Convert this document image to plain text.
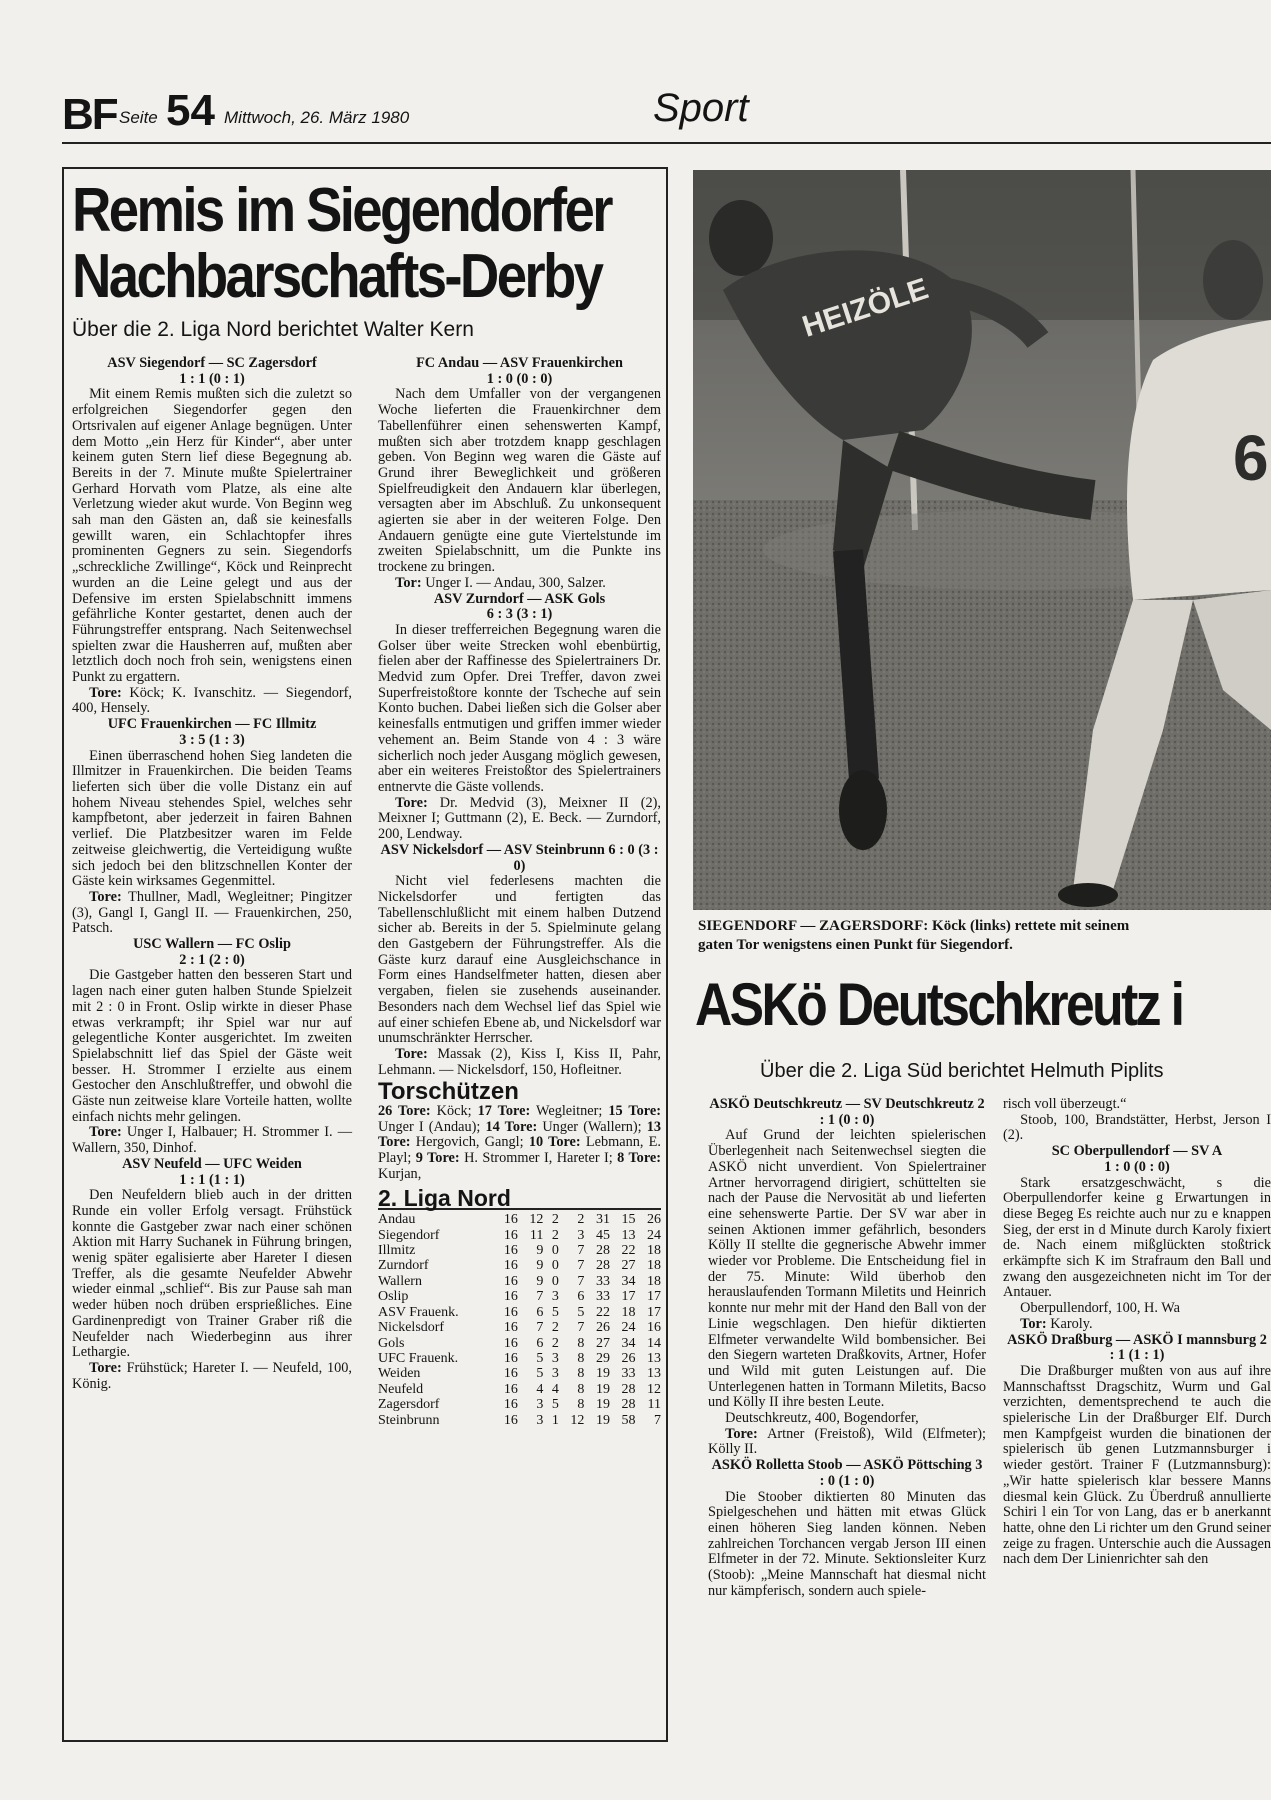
BF Seite 54 Mittwoch, 26. März 1980	Sport
Remis im Siegendorfer
Nachbarschafts-Derby
Über die 2. Liga Nord berichtet Walter Kern

ASV Siegendorf — SC Zagersdorf

1 : 1 (0 : 1)

Mit einem Remis mußten sich die zuletzt so erfolgreichen Siegendorfer gegen den Ortsrivalen auf eigener Anlage begnügen. Unter dem Motto „ein Herz für Kinder“, aber unter keinem guten Stern lief diese Begegnung ab. Bereits in der 7. Minute mußte Spielertrainer Gerhard Horvath vom Platze, als eine alte Verletzung wieder akut wurde. Von Beginn weg sah man den Gästen an, daß sie keinesfalls gewillt waren, ein Schlachtopfer ihres prominenten Gegners zu sein. Siegendorfs „schreckliche Zwillinge“, Köck und Reinprecht wurden an die Leine gelegt und aus der Defensive im ersten Spielabschnitt immens gefährliche Konter gestartet, denen auch der Führungstreffer entsprang. Nach Seitenwechsel spielten zwar die Hausherren auf, mußten aber letztlich doch noch froh sein, wenigstens einen Punkt zu ergattern.

Tore: Köck; K. Ivanschitz. — Siegendorf, 400, Hensely.

UFC Frauenkirchen — FC Illmitz

3 : 5 (1 : 3)

Einen überraschend hohen Sieg landeten die Illmitzer in Frauenkirchen. Die beiden Teams lieferten sich über die volle Distanz ein auf hohem Niveau stehendes Spiel, welches sehr kampfbetont, aber jederzeit in fairen Bahnen verlief. Die Platzbesitzer waren im Felde zeitweise gleichwertig, die Verteidigung wußte sich jedoch bei den blitzschnellen Konter der Gäste kein wirksames Gegenmittel.

Tore: Thullner, Madl, Wegleitner; Pingitzer (3), Gangl I, Gangl II. — Frauenkirchen, 250, Patsch.

USC Wallern — FC Oslip

2 : 1 (2 : 0)

Die Gastgeber hatten den besseren Start und lagen nach einer guten halben Stunde Spielzeit mit 2 : 0 in Front. Oslip wirkte in dieser Phase etwas verkrampft; ihr Spiel war nur auf gelegentliche Konter ausgerichtet. Im zweiten Spielabschnitt lief das Spiel der Gäste weit besser. H. Strommer I erzielte aus einem Gestocher den Anschlußtreffer, und obwohl die Gäste nun zeitweise klare Vorteile hatten, wollte einfach nichts mehr gelingen.

Tore: Unger I, Halbauer; H. Strommer I. — Wallern, 350, Dinhof.

ASV Neufeld — UFC Weiden

1 : 1 (1 : 1)

Den Neufeldern blieb auch in der dritten Runde ein voller Erfolg versagt. Frühstück konnte die Gastgeber zwar nach einer schönen Aktion mit Harry Suchanek in Führung bringen, wenig später egalisierte aber Hareter I diesen Treffer, als die gesamte Neufelder Abwehr wieder einmal „schlief“. Bis zur Pause sah man weder hüben noch drüben ersprießliches. Eine Gardinenpredigt von Trainer Graber riß die Neufelder nach Wiederbeginn aus ihrer Lethargie.

Tore: Frühstück; Hareter I. — Neufeld, 100, König.

FC Andau — ASV Frauenkirchen

1 : 0 (0 : 0)

Nach dem Umfaller von der vergangenen Woche lieferten die Frauenkirchner dem Tabellenführer einen sehenswerten Kampf, mußten sich aber trotzdem knapp geschlagen geben. Von Beginn weg waren die Gäste auf Grund ihrer Beweglichkeit und größeren Spielfreudigkeit den Andauern klar überlegen, versagten aber im Abschluß. Zu unkonsequent agierten sie aber in der weiteren Folge. Den Andauern genügte eine gute Viertelstunde im zweiten Spielabschnitt, um die Punkte ins trockene zu bringen.

Tor: Unger I. — Andau, 300, Salzer.

ASV Zurndorf — ASK Gols

6 : 3 (3 : 1)

In dieser trefferreichen Begegnung waren die Golser über weite Strecken wohl ebenbürtig, fielen aber der Raffinesse des Spielertrainers Dr. Medvid zum Opfer. Drei Treffer, davon zwei Superfreistoßtore konnte der Tscheche auf sein Konto buchen. Dabei ließen sich die Golser aber keinesfalls entmutigen und griffen immer wieder vehement an. Beim Stande von 4 : 3 wäre sicherlich noch jeder Ausgang möglich gewesen, aber ein weiteres Freistoßtor des Spielertrainers entnervte die Gäste vollends.

Tore: Dr. Medvid (3), Meixner II (2), Meixner I; Guttmann (2), E. Beck. — Zurndorf, 200, Lendway.

ASV Nickelsdorf — ASV Steinbrunn 6 : 0 (3 : 0)

Nicht viel federlesens machten die Nickelsdorfer und fertigten das Tabellenschlußlicht mit einem halben Dutzend sicher ab. Bereits in der 5. Spielminute gelang den Gastgebern der Führungstreffer. Als die Gäste kurz darauf eine Ausgleichschance in Form eines Handselfmeter hatten, diesen aber vergaben, fielen sie zusehends auseinander. Besonders nach dem Wechsel lief das Spiel wie auf einer schiefen Ebene ab, und Nickelsdorf war unumschränkter Herrscher.

Tore: Massak (2), Kiss I, Kiss II, Pahr, Lehmann. — Nickelsdorf, 150, Hofleitner.

Torschützen
26 Tore: Köck; 17 Tore: Wegleitner; 15 Tore: Unger I (Andau); 14 Tore: Unger (Wallern); 13 Tore: Hergovich, Gangl; 10 Tore: Lebmann, E. Playl; 9 Tore: H. Strommer I, Hareter I; 8 Tore: Kurjan,
2. Liga Nord
Andau	16	12	2	2	31	15	26
Siegendorf	16	11	2	3	45	13	24
Illmitz	16	9	0	7	28	22	18
Zurndorf	16	9	0	7	28	27	18
Wallern	16	9	0	7	33	34	18
Oslip	16	7	3	6	33	17	17
ASV Frauenk.	16	6	5	5	22	18	17
Nickelsdorf	16	7	2	7	26	24	16
Gols	16	6	2	8	27	34	14
UFC Frauenk.	16	5	3	8	29	26	13
Weiden	16	5	3	8	19	33	13
Neufeld	16	4	4	8	19	28	12
Zagersdorf	16	3	5	8	19	28	11
Steinbrunn	16	3	1	12	19	58	7
HEIZÖLE
6
SIEGENDORF — ZAGERSDORF: Köck (links) rettete mit seinem
gaten Tor wenigstens einen Punkt für Siegendorf.
ASKö Deutschkreutz i
Über die 2. Liga Süd berichtet Helmuth Piplits

ASKÖ Deutschkreutz — SV Deutschkreutz 2 : 1 (0 : 0)

Auf Grund der leichten spielerischen Überlegenheit nach Seitenwechsel siegten die ASKÖ nicht unverdient. Von Spielertrainer Artner hervorragend dirigiert, schüttelten sie nach der Pause die Nervosität ab und lieferten eine sehenswerte Partie. Der SV war aber in seinen Aktionen immer gefährlich, besonders Kölly II stellte die gegnerische Abwehr immer wieder vor Probleme. Die Entscheidung fiel in der 75. Minute: Wild überhob den herauslaufenden Tormann Miletits und Heinrich konnte nur mehr mit der Hand den Ball von der Linie wegschlagen. Den hiefür diktierten Elfmeter verwandelte Wild bombensicher. Bei den Siegern warteten Draßkovits, Artner, Hofer und Wild mit guten Leistungen auf. Die Unterlegenen hatten in Tormann Miletits, Bacso und Kölly II ihre besten Leute.

Deutschkreutz, 400, Bogendorfer,

Tore: Artner (Freistoß), Wild (Elfmeter); Kölly II.

ASKÖ Rolletta Stoob — ASKÖ Pöttsching 3 : 0 (1 : 0)

Die Stoober diktierten 80 Minuten das Spielgeschehen und hätten mit etwas Glück einen höheren Sieg landen können. Neben zahlreichen Torchancen vergab Jerson III einen Elfmeter in der 72. Minute. Sektionsleiter Kurz (Stoob): „Meine Mannschaft hat diesmal nicht nur kämpferisch, sondern auch spiele-

risch voll überzeugt.“

Stoob, 100, Brandstätter, Herbst, Jerson I (2).

SC Oberpullendorf — SV A

1 : 0 (0 : 0)

Stark ersatzgeschwächt, s die Oberpullendorfer keine g Erwartungen in diese Begeg Es reichte auch nur zu e knappen Sieg, der erst in d Minute durch Karoly fixiert de. Nach einem mißglückten stoßtrick erkämpfte sich K im Strafraum den Ball und zwang den ausgezeichneten nicht im Tor der Antauer.

Oberpullendorf, 100, H. Wa

Tor: Karoly.

ASKÖ Draßburg — ASKÖ I mannsburg 2 : 1 (1 : 1)

Die Draßburger mußten von aus auf ihre Mannschaftsst Dragschitz, Wurm und Gal verzichten, dementsprechend te auch die spielerische Lin der Draßburger Elf. Durch men Kampfgeist wurden die binationen der spielerisch üb genen Lutzmannsburger i wieder gestört. Trainer F (Lutzmannsburg): „Wir hatte spielerisch klar bessere Manns diesmal kein Glück. Zu Überdruß annullierte Schiri l ein Tor von Lang, das er b anerkannt hatte, ohne den Li richter um den Grund seiner zeige zu fragen. Unterschie auch die Aussagen nach dem Der Linienrichter sah den
